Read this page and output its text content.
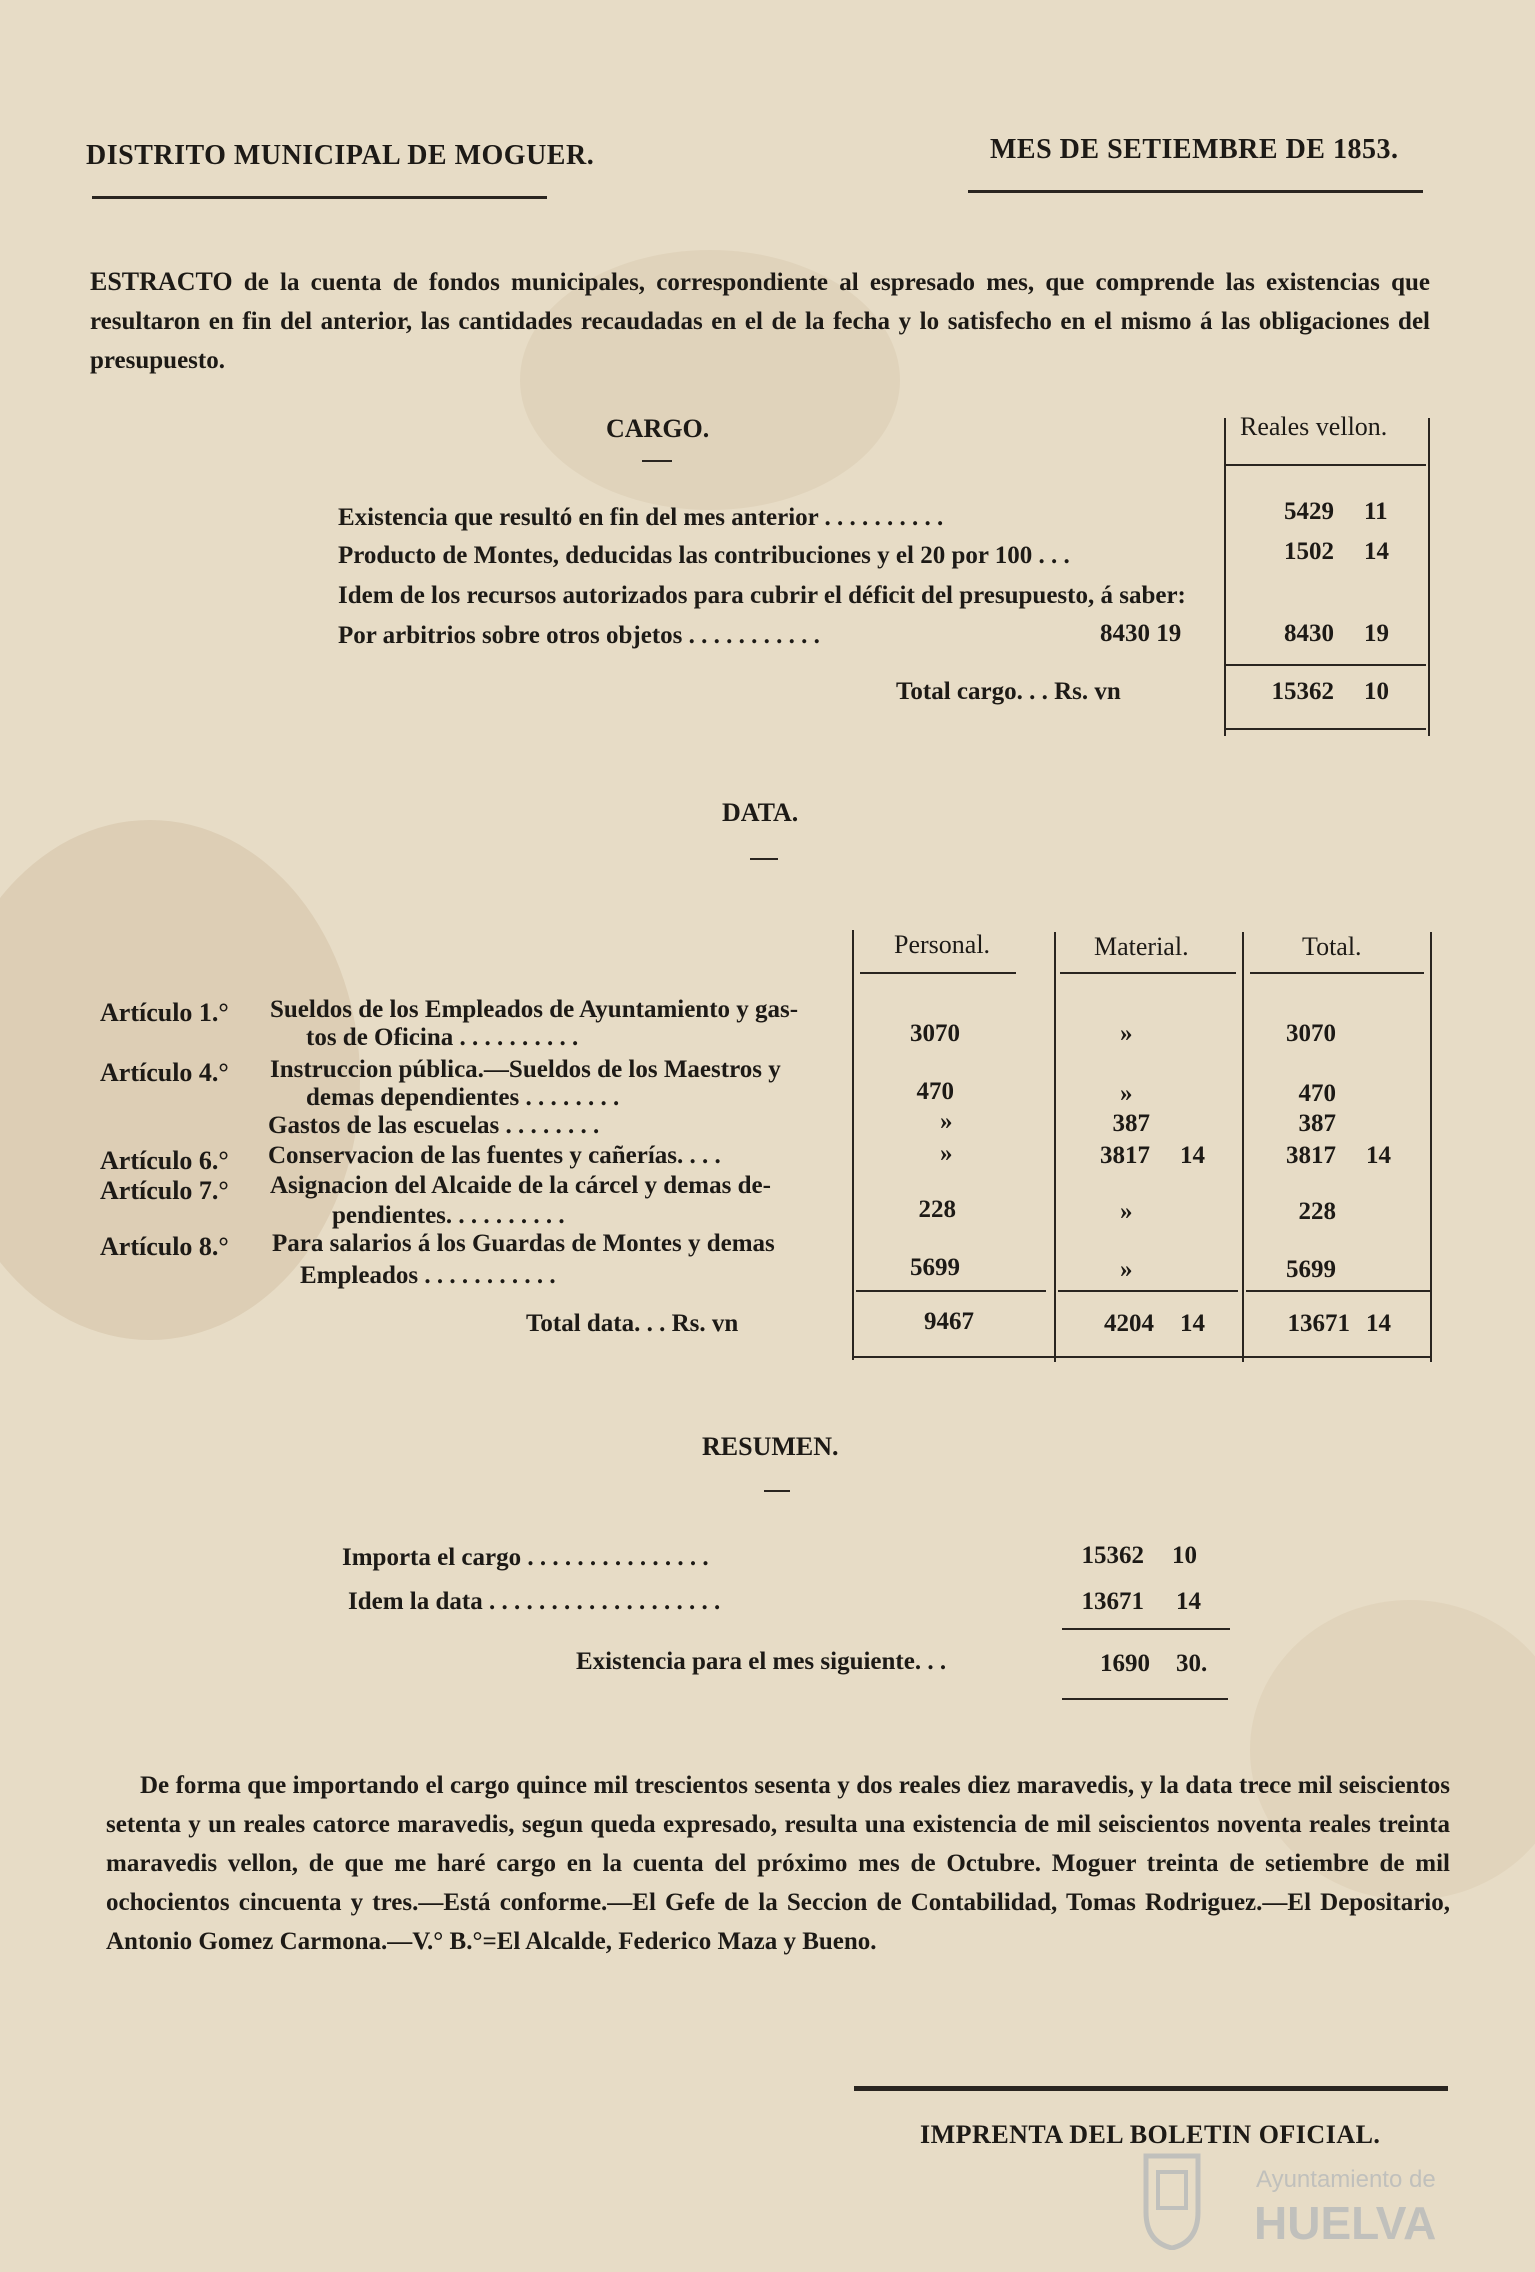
DISTRITO MUNICIPAL DE MOGUER.	MES DE SETIEMBRE DE 1853.
ESTRACTO de la cuenta de fondos municipales, correspondiente al espresado mes, que comprende las existencias que resultaron en fin del anterior, las cantidades recaudadas en el de la fecha y lo satisfecho en el mismo á las obligaciones del presupuesto.
CARGO.	Reales vellon.
Existencia que resultó en fin del mes anterior . . . . . . . . . .	5429 11
Producto de Montes, deducidas las contribuciones y el 20 por 100 . . .	1502 14
Idem de los recursos autorizados para cubrir el déficit del presupuesto, á saber:
Por arbitrios sobre otros objetos . . . . . . . . . . .	8430 19	8430 19
Total cargo. . . Rs. vn	15362 10
DATA.
Personal.	Material.	Total.
Artículo 1.° Sueldos de los Empleados de Ayuntamiento y gas-
tos de Oficina . . . . . . . . . .	3070	»	3070
Artículo 4.° Instruccion pública.—Sueldos de los Maestros y
demas dependientes . . . . . . . .	470	»	470
Gastos de las escuelas . . . . . . . .	»	387	387
Artículo 6.° Conservacion de las fuentes y cañerías. . . .	»	3817 14	3817 14
Artículo 7.° Asignacion del Alcaide de la cárcel y demas de-
pendientes. . . . . . . . . .	228	»	228
Artículo 8.° Para salarios á los Guardas de Montes y demas
Empleados . . . . . . . . . . .	5699	»	5699
Total data. . . Rs. vn	9467	4204 14	13671 14
RESUMEN.
Importa el cargo . . . . . . . . . . . . . . .	15362 10
Idem la data . . . . . . . . . . . . . . . . . . .	13671 14
Existencia para el mes siguiente. . .	1690 30.
De forma que importando el cargo quince mil trescientos sesenta y dos reales diez maravedis, y la data trece mil seiscientos setenta y un reales catorce maravedis, segun queda expresado, resulta una existencia de mil seiscientos noventa reales treinta maravedis vellon, de que me haré cargo en la cuenta del próximo mes de Octubre. Moguer treinta de setiembre de mil ochocientos cincuenta y tres.—Está conforme.—El Gefe de la Seccion de Contabilidad, Tomas Rodriguez.—El Depositario, Antonio Gomez Carmona.—V.° B.°=El Alcalde, Federico Maza y Bueno.
IMPRENTA DEL BOLETIN OFICIAL.
Ayuntamiento de
HUELVA
